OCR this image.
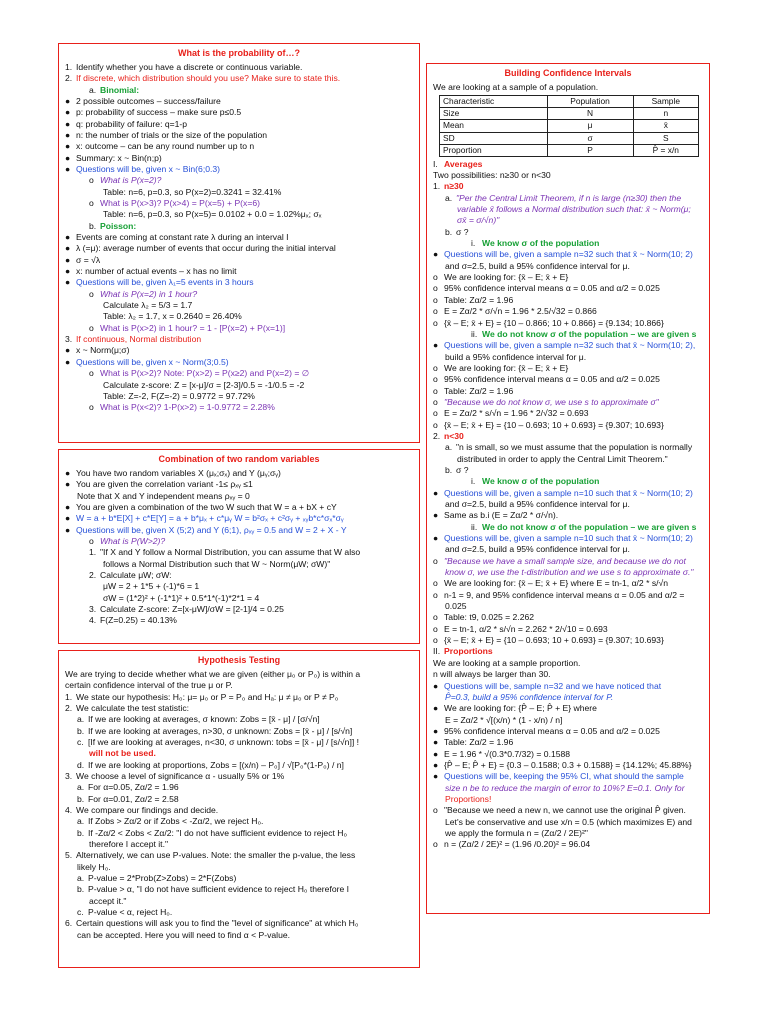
What is the probability of…?
1. Identify whether you have a discrete or continuous variable.
2. If discrete, which distribution should you use? Make sure to state this.
a. Binomial:
● 2 possible outcomes – success/failure
● p: probability of success – make sure p≤0.5
● q: probability of failure: q=1-p
● n: the number of trials or the size of the population
● x: outcome – can be any round number up to n
● Summary: x ~ Bin(n;p)
● Questions will be, given x ~ Bin(6;0.3)
o What is P(x=2)?
Table: n=6, p=0.3, so P(x=2)=0.3241 = 32.41%
o What is P(x>3)? P(x>4) = P(x=5) + P(x=6)
Table: n=6, p=0.3, so P(x=5)= 0.0102 + 0.0 = 1.02%μₓ; σₓ
b. Poisson:
● Events are coming at constant rate λ during an interval I
● λ (=μ): average number of events that occur during the initial interval
● σ = √λ
● x: number of actual events – x has no limit
● Questions will be, given λ₁=5 events in 3 hours
o What is P(x=2) in 1 hour?
Calculate λ₂ = 5/3 = 1.7
Table: λ₂ = 1.7, x = 0.2640 = 26.40%
o What is P(x>2) in 1 hour? = 1 - [P(x=2) + P(x=1)]
3. If continuous, Normal distribution
● x ~ Norm(μ;σ)
● Questions will be, given x ~ Norm(3;0.5)
o What is P(x>2)? Note: P(x>2) = P(x≥2) and P(x=2) = ∅
Calculate z-score: Z = [x-μ]/σ = [2-3]/0.5 = -1/0.5 = -2
Table: Z=-2, F(Z=-2) = 0.9772 = 97.72%
o What is P(x<2)? 1-P(x>2) = 1-0.9772 = 2.28%
Combination of two random variables
● You have two random variables X (μₓ;σₓ) and Y (μᵧ;σᵧ)
● You are given the correlation variant -1≤ ρₓᵧ ≤1
Note that X and Y independent means ρₓᵧ = 0
● You are given a combination of the two W such that W = a + bX + cY
● W = a + b*E[X] + c*E[Y] = a + b*μₓ + c*μᵧ W = b²σₓ + c²σᵧ + ₓᵧb*c*σₓ*σᵧ
● Questions will be, given X (5;2) and Y (6;1), ρₓᵧ = 0.5 and W = 2 + X - Y
o What is P(W>2)?
1. "If X and Y follow a Normal Distribution, you can assume that W also
follows a Normal Distribution such that W ~ Norm(μW; σW)"
2. Calculate μW; σW:
μW = 2 + 1*5 + (-1)*6 = 1
σW = (1*2)² + (-1*1)² + 0.5*1*(-1)*2*1 = 4
3. Calculate Z-score: Z=[x-μW]/σW = [2-1]/4 = 0.25
4. F(Z=0.25) = 40.13%
Hypothesis Testing
We are trying to decide whether what we are given (either μ₀ or P₀) is within a
certain confidence interval of the true μ or P.
1. We state our hypothesis: H₀: μ= μ₀ or P = P₀ and Hₐ: μ ≠ μ₀ or P ≠ P₀
2. We calculate the test statistic:
a. If we are looking at averages, σ known: Zobs = [x̄ - μ] / [σ/√n]
b. If we are looking at averages, n>30, σ unknown: Zobs = [x̄ - μ] / [s/√n]
c. [If we are looking at averages, n<30, σ unknown: tobs = [x̄ - μ] / [s/√n]] !
will not be used.
d. If we are looking at proportions, Zobs = [(x/n) – P₀] / √[P₀*(1-P₀) / n]
3. We choose a level of significance α - usually 5% or 1%
a. For α=0.05, Zα/2 = 1.96
b. For α=0.01, Zα/2 = 2.58
4. We compare our findings and decide.
a. If Zobs > Zα/2 or if Zobs < -Zα/2, we reject H₀.
b. If -Zα/2 < Zobs < Zα/2: "I do not have sufficient evidence to reject H₀
therefore I accept it."
5. Alternatively, we can use P-values. Note: the smaller the p-value, the less
likely H₀.
a. P-value = 2*Prob(Z>Zobs) = 2*F(Zobs)
b. P-value > α, "I do not have sufficient evidence to reject H₀ therefore I
accept it."
c. P-value < α, reject H₀.
6. Certain questions will ask you to find the "level of significance" at which H₀
can be accepted. Here you will need to find α < P-value.
Building Confidence Intervals
We are looking at a sample of a population.
Characteristic	Population	Sample
Size	N	n
Mean	μ	x̄
SD	σ	S
Proportion	P	P̂ = x/n
I. Averages
Two possibilities: n≥30 or n<30
1. n≥30
a. "Per the Central Limit Theorem, if n is large (n≥30) then the
variable x̄ follows a Normal distribution such that: x̄ ~ Norm(μ;
σx̄ = σ/√n)"
b. σ ?
i. We know σ of the population
● Questions will be, given a sample n=32 such that x̄ ~ Norm(10; 2)
and σ=2.5, build a 95% confidence interval for μ.
o We are looking for: {x̄ – E; x̄ + E}
o 95% confidence interval means α = 0.05 and α/2 = 0.025
o Table: Zα/2 = 1.96
o E = Zα/2 * σ/√n = 1.96 * 2.5/√32 = 0.866
o {x̄ – E; x̄ + E} = {10 – 0.866; 10 + 0.866} = {9.134; 10.866}
ii. We do not know σ of the population – we are given s
● Questions will be, given a sample n=32 such that x̄ ~ Norm(10; 2),
build a 95% confidence interval for μ.
o We are looking for: {x̄ – E; x̄ + E}
o 95% confidence interval means α = 0.05 and α/2 = 0.025
o Table: Zα/2 = 1.96
o "Because we do not know σ, we use s to approximate σ"
o E = Zα/2 * s/√n = 1.96 * 2/√32 = 0.693
o {x̄ – E; x̄ + E} = {10 – 0.693; 10 + 0.693} = {9.307; 10.693}
2. n<30
a. "n is small, so we must assume that the population is normally
distributed in order to apply the Central Limit Theorem."
b. σ ?
i. We know σ of the population
● Questions will be, given a sample n=10 such that x̄ ~ Norm(10; 2)
and σ=2.5, build a 95% confidence interval for μ.
● Same as b.i (E = Zα/2 * σ/√n).
ii. We do not know σ of the population – we are given s
● Questions will be, given a sample n=10 such that x̄ ~ Norm(10; 2)
and σ=2.5, build a 95% confidence interval for μ.
o "Because we have a small sample size, and because we do not
know σ, we use the t-distribution and we use s to approximate σ."
o We are looking for: {x̄ – E; x̄ + E} where E = tn-1, α/2 * s/√n
o n-1 = 9, and 95% confidence interval means α = 0.05 and α/2 =
0.025
o Table: t9, 0.025 = 2.262
o E = tn-1, α/2 * s/√n = 2.262 * 2/√10 = 0.693
o {x̄ – E; x̄ + E} = {10 – 0.693; 10 + 0.693} = {9.307; 10.693}
II. Proportions
We are looking at a sample proportion.
n will always be larger than 30.
● Questions will be, sample n=32 and we have noticed that
P̂=0.3, build a 95% confidence interval for P.
● We are looking for: {P̂ – E; P̂ + E} where
E = Zα/2 * √[(x/n) * (1 - x/n) / n]
● 95% confidence interval means α = 0.05 and α/2 = 0.025
● Table: Zα/2 = 1.96
● E = 1.96 * √(0.3*0.7/32) = 0.1588
● {P̂ – E; P̂ + E} = {0.3 – 0.1588; 0.3 + 0.1588} = {14.12%; 45.88%}
● Questions will be, keeping the 95% CI, what should the sample
size n be to reduce the margin of error to 10%? E=0.1. Only for
Proportions!
o "Because we need a new n, we cannot use the original P̂ given.
Let's be conservative and use x/n = 0.5 (which maximizes E) and
we apply the formula n = (Zα/2 / 2E)²"
o n = (Zα/2 / 2E)² = (1.96 /0.20)² = 96.04
